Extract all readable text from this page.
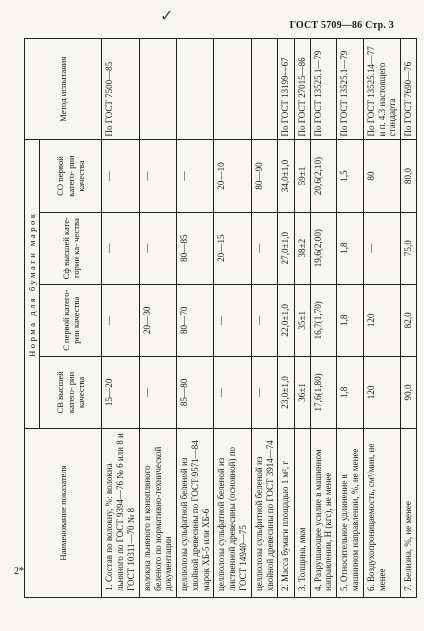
✓
ГОСТ 5709—86 Стр. 3
Наименование показателя	Норма для бумаги марок				Метод испытания
	СВ высшей катего- рии качества	С первой катего- рии качества	Сф высшей кате- гории ка- чества	СО первой катего- рии качества	
1. Состав по волокну, %: волокна льняного по ГОСТ 9394—76 № 6 или 8 и ГОСТ 10311—70 № 8	15—20	—	—	—	По ГОСТ 7500—85
волокна льняного и конопляного беленого по нормативно-технической документации	—	20—30	—	—	
целлюлозы сульфатной беленой из хвойной древесины по ГОСТ 9571—84 марок ХБ-5 или ХБ-6	85—80	80—70	80—85	—	
целлюлозы сульфатной беленой из лиственной древесины (основной) по ГОСТ 14940—75	—	—	20—15	20—10	
целлюлозы сульфитной беленой из хвойной древесины по ГОСТ 3914—74	—	—	—	80—90	
2. Масса бумаги площадью 1 м², г	23,0±1,0	22,0±1,0	27,0±1,0	34,0±1,0	По ГОСТ 13199—67
3. Толщина, мкм	36±1	35±1	38±2	59±1	По ГОСТ 27015—86
4. Разрушающее усилие в машинном направлении, Н (кгс), не менее	17,6(1,80)	16,7(1,70)	19,6(2,00)	20,6(2,10)	По ГОСТ 13525.1—79
5. Относительное удлинение в машинном направлении, %, не менее	1,8	1,8	1,8	1,5	По ГОСТ 13525.1—79
6. Воздухопроницаемость, см³/мин, не менее	120	120	—	80	По ГОСТ 13525.14—77 и п. 4.3 настоящего стандарта
7. Белизна, %, не менее	90,0	82,0	75,0	80,0	По ГОСТ 7690—76
2*
